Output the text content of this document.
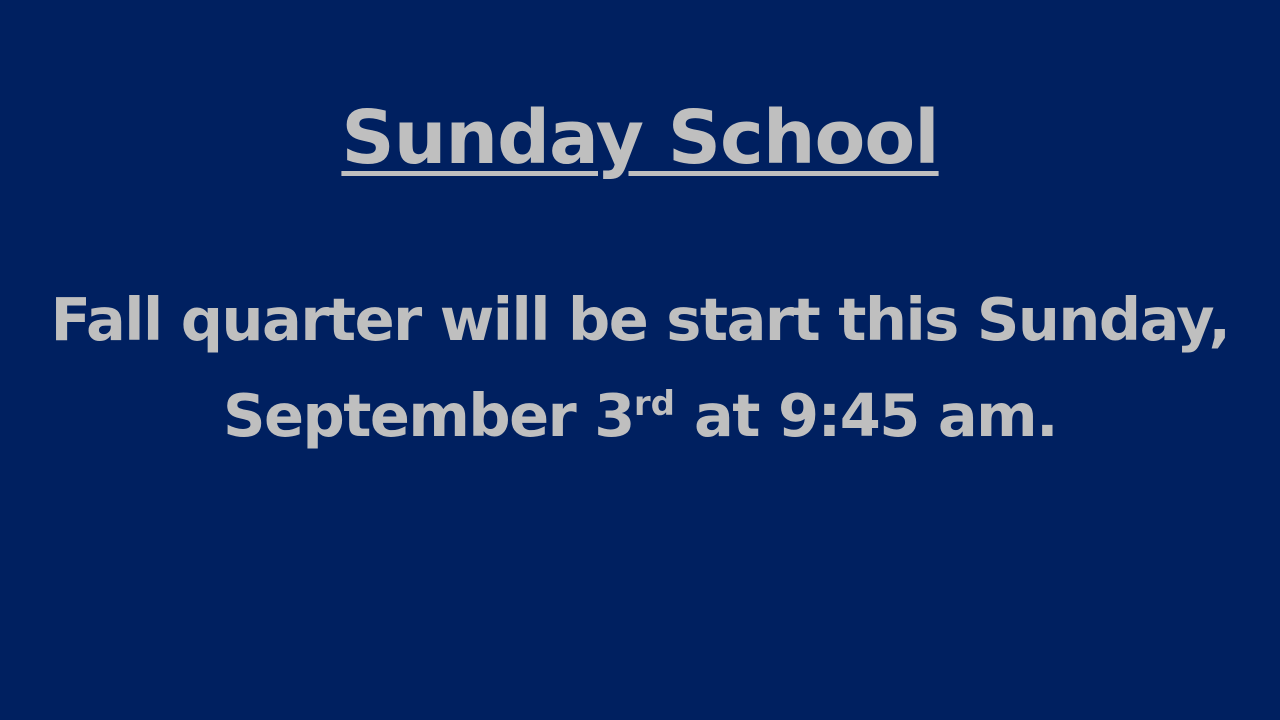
Sunday School
Fall quarter will be start this Sunday,
September 3rd at 9:45 am.
